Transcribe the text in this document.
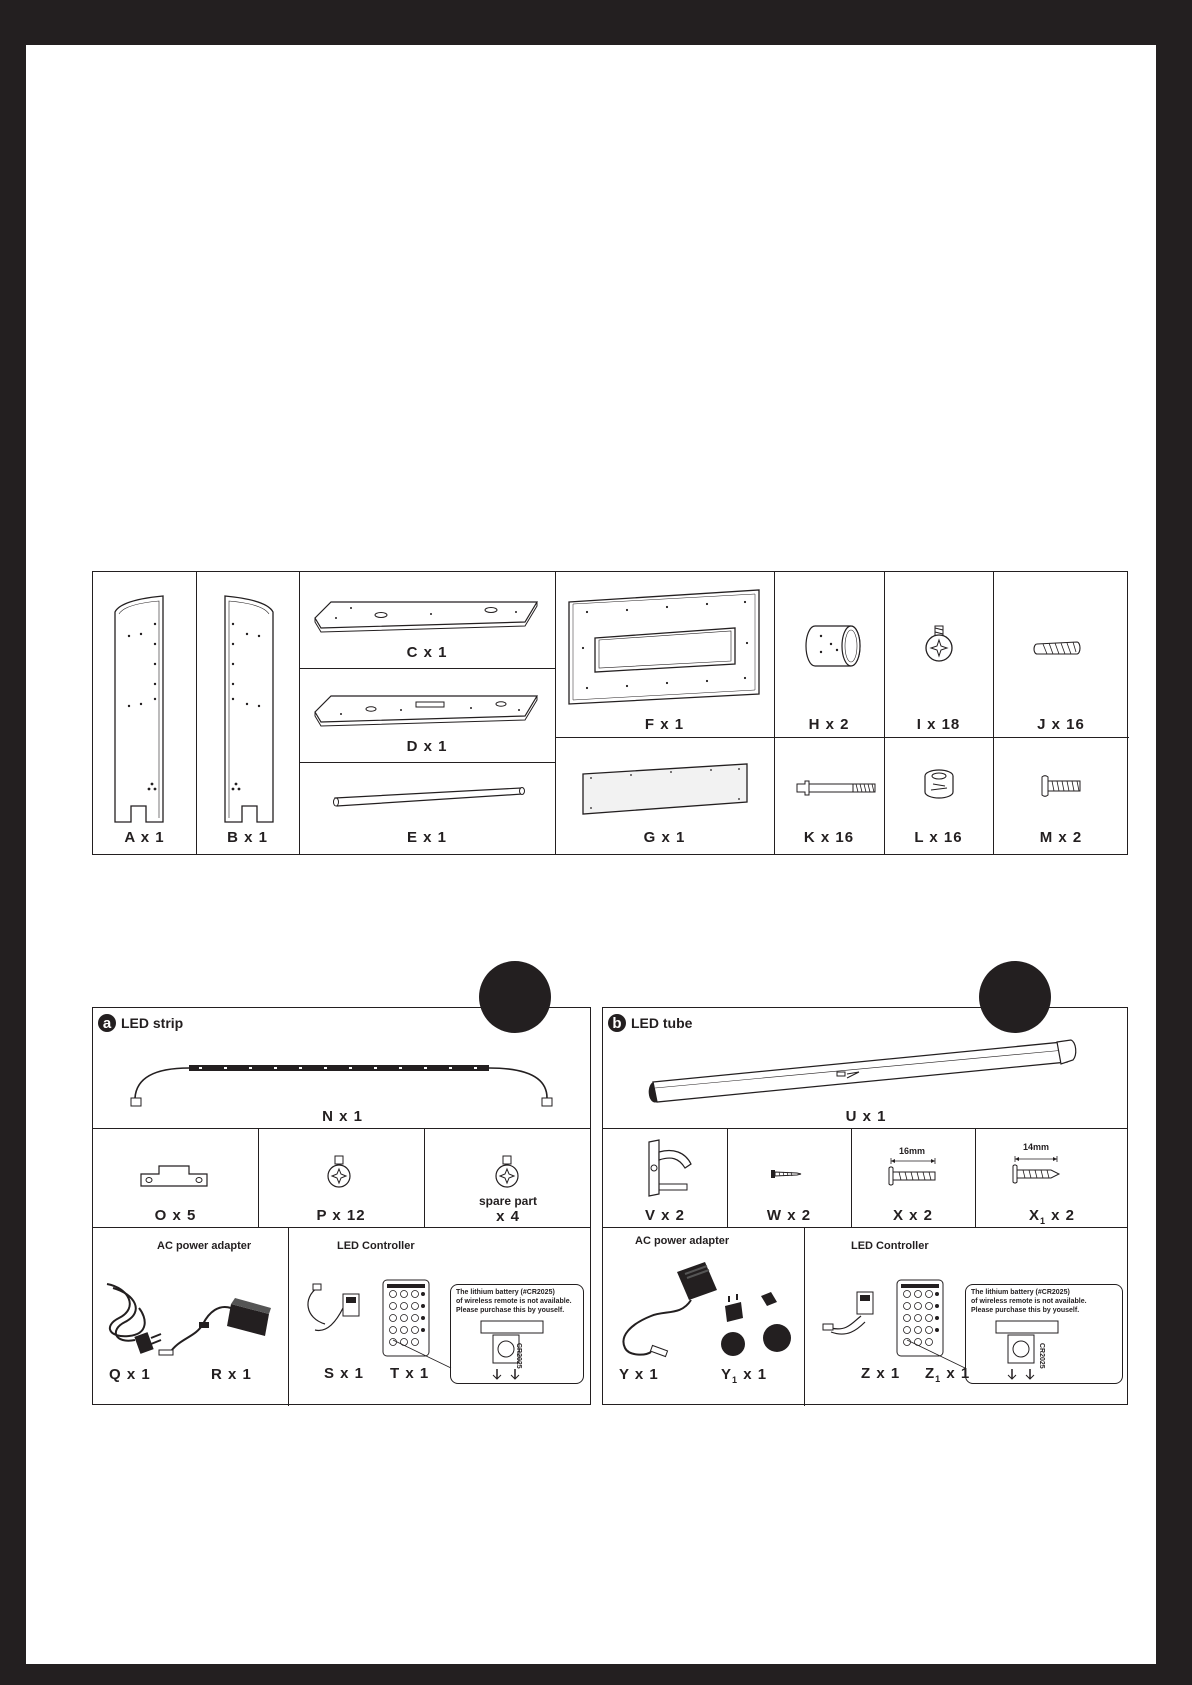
A x 1	B x 1
C x 1
D x 1
E x 1
F x 1
G x 1
H x 2	I x 18	J x 16
K x 16	L x 16	M x 2
a LED strip
N x 1
O x 5	P x 12
spare part
x 4
AC power adapter
Q x 1	R x 1
LED Controller
The lithium battery (#CR2025)
of wireless remote is not available.
Please purchase this by youself.
CR2025
S x 1 T x 1
b LED tube
U x 1
V x 2	W x 2
16mm
X x 2
14mm
$X_1$ x 2
AC power adapter
Y x 1	$Y_1$ x 1
LED Controller
The lithium battery (#CR2025)
of wireless remote is not available.
Please purchase this by youself.
CR2025
Z x 1 $Z_1$ x 1
